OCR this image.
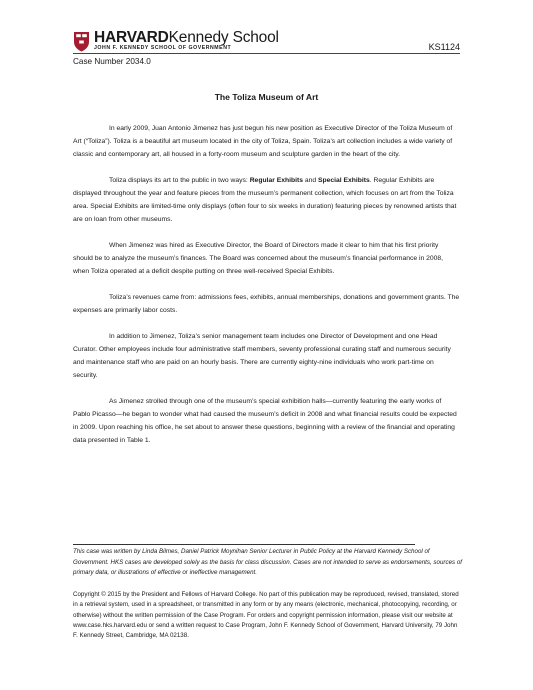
HARVARDKennedy School
JOHN F. KENNEDY SCHOOL OF GOVERNMENT	KS1124
Case Number 2034.0
The Toliza Museum of Art

In early 2009, Juan Antonio Jimenez has just begun his new position as Executive Director of the Toliza Museum of Art (“Toliza”). Toliza is a beautiful art museum located in the city of Toliza, Spain. Toliza’s art collection includes a wide variety of classic and contemporary art, all housed in a forty-room museum and sculpture garden in the heart of the city.

Toliza displays its art to the public in two ways: Regular Exhibits and Special Exhibits. Regular Exhibits are displayed throughout the year and feature pieces from the museum’s permanent collection, which focuses on art from the Toliza area. Special Exhibits are limited-time only displays (often four to six weeks in duration) featuring pieces by renowned artists that are on loan from other museums.

When Jimenez was hired as Executive Director, the Board of Directors made it clear to him that his first priority should be to analyze the museum’s finances. The Board was concerned about the museum’s financial performance in 2008, when Toliza operated at a deficit despite putting on three well-received Special Exhibits.

Toliza’s revenues came from: admissions fees, exhibits, annual memberships, donations and government grants. The expenses are primarily labor costs.

In addition to Jimenez, Toliza’s senior management team includes one Director of Development and one Head Curator. Other employees include four administrative staff members, seventy professional curating staff and numerous security and maintenance staff who are paid on an hourly basis. There are currently eighty-nine individuals who work part-time on security.

As Jimenez strolled through one of the museum’s special exhibition halls—currently featuring the early works of Pablo Picasso—he began to wonder what had caused the museum’s deficit in 2008 and what financial results could be expected in 2009. Upon reaching his office, he set about to answer these questions, beginning with a review of the financial and operating data presented in Table 1.

This case was written by Linda Bilmes, Daniel Patrick Moynihan Senior Lecturer in Public Policy at the Harvard Kennedy School of Government. HKS cases are developed solely as the basis for class discussion. Cases are not intended to serve as endorsements, sources of primary data, or illustrations of effective or ineffective management.
Copyright © 2015 by the President and Fellows of Harvard College. No part of this publication may be reproduced, revised, translated, stored in a retrieval system, used in a spreadsheet, or transmitted in any form or by any means (electronic, mechanical, photocopying, recording, or otherwise) without the written permission of the Case Program. For orders and copyright permission information, please visit our website at www.case.hks.harvard.edu or send a written request to Case Program, John F. Kennedy School of Government, Harvard University, 79 John F. Kennedy Street, Cambridge, MA 02138.
